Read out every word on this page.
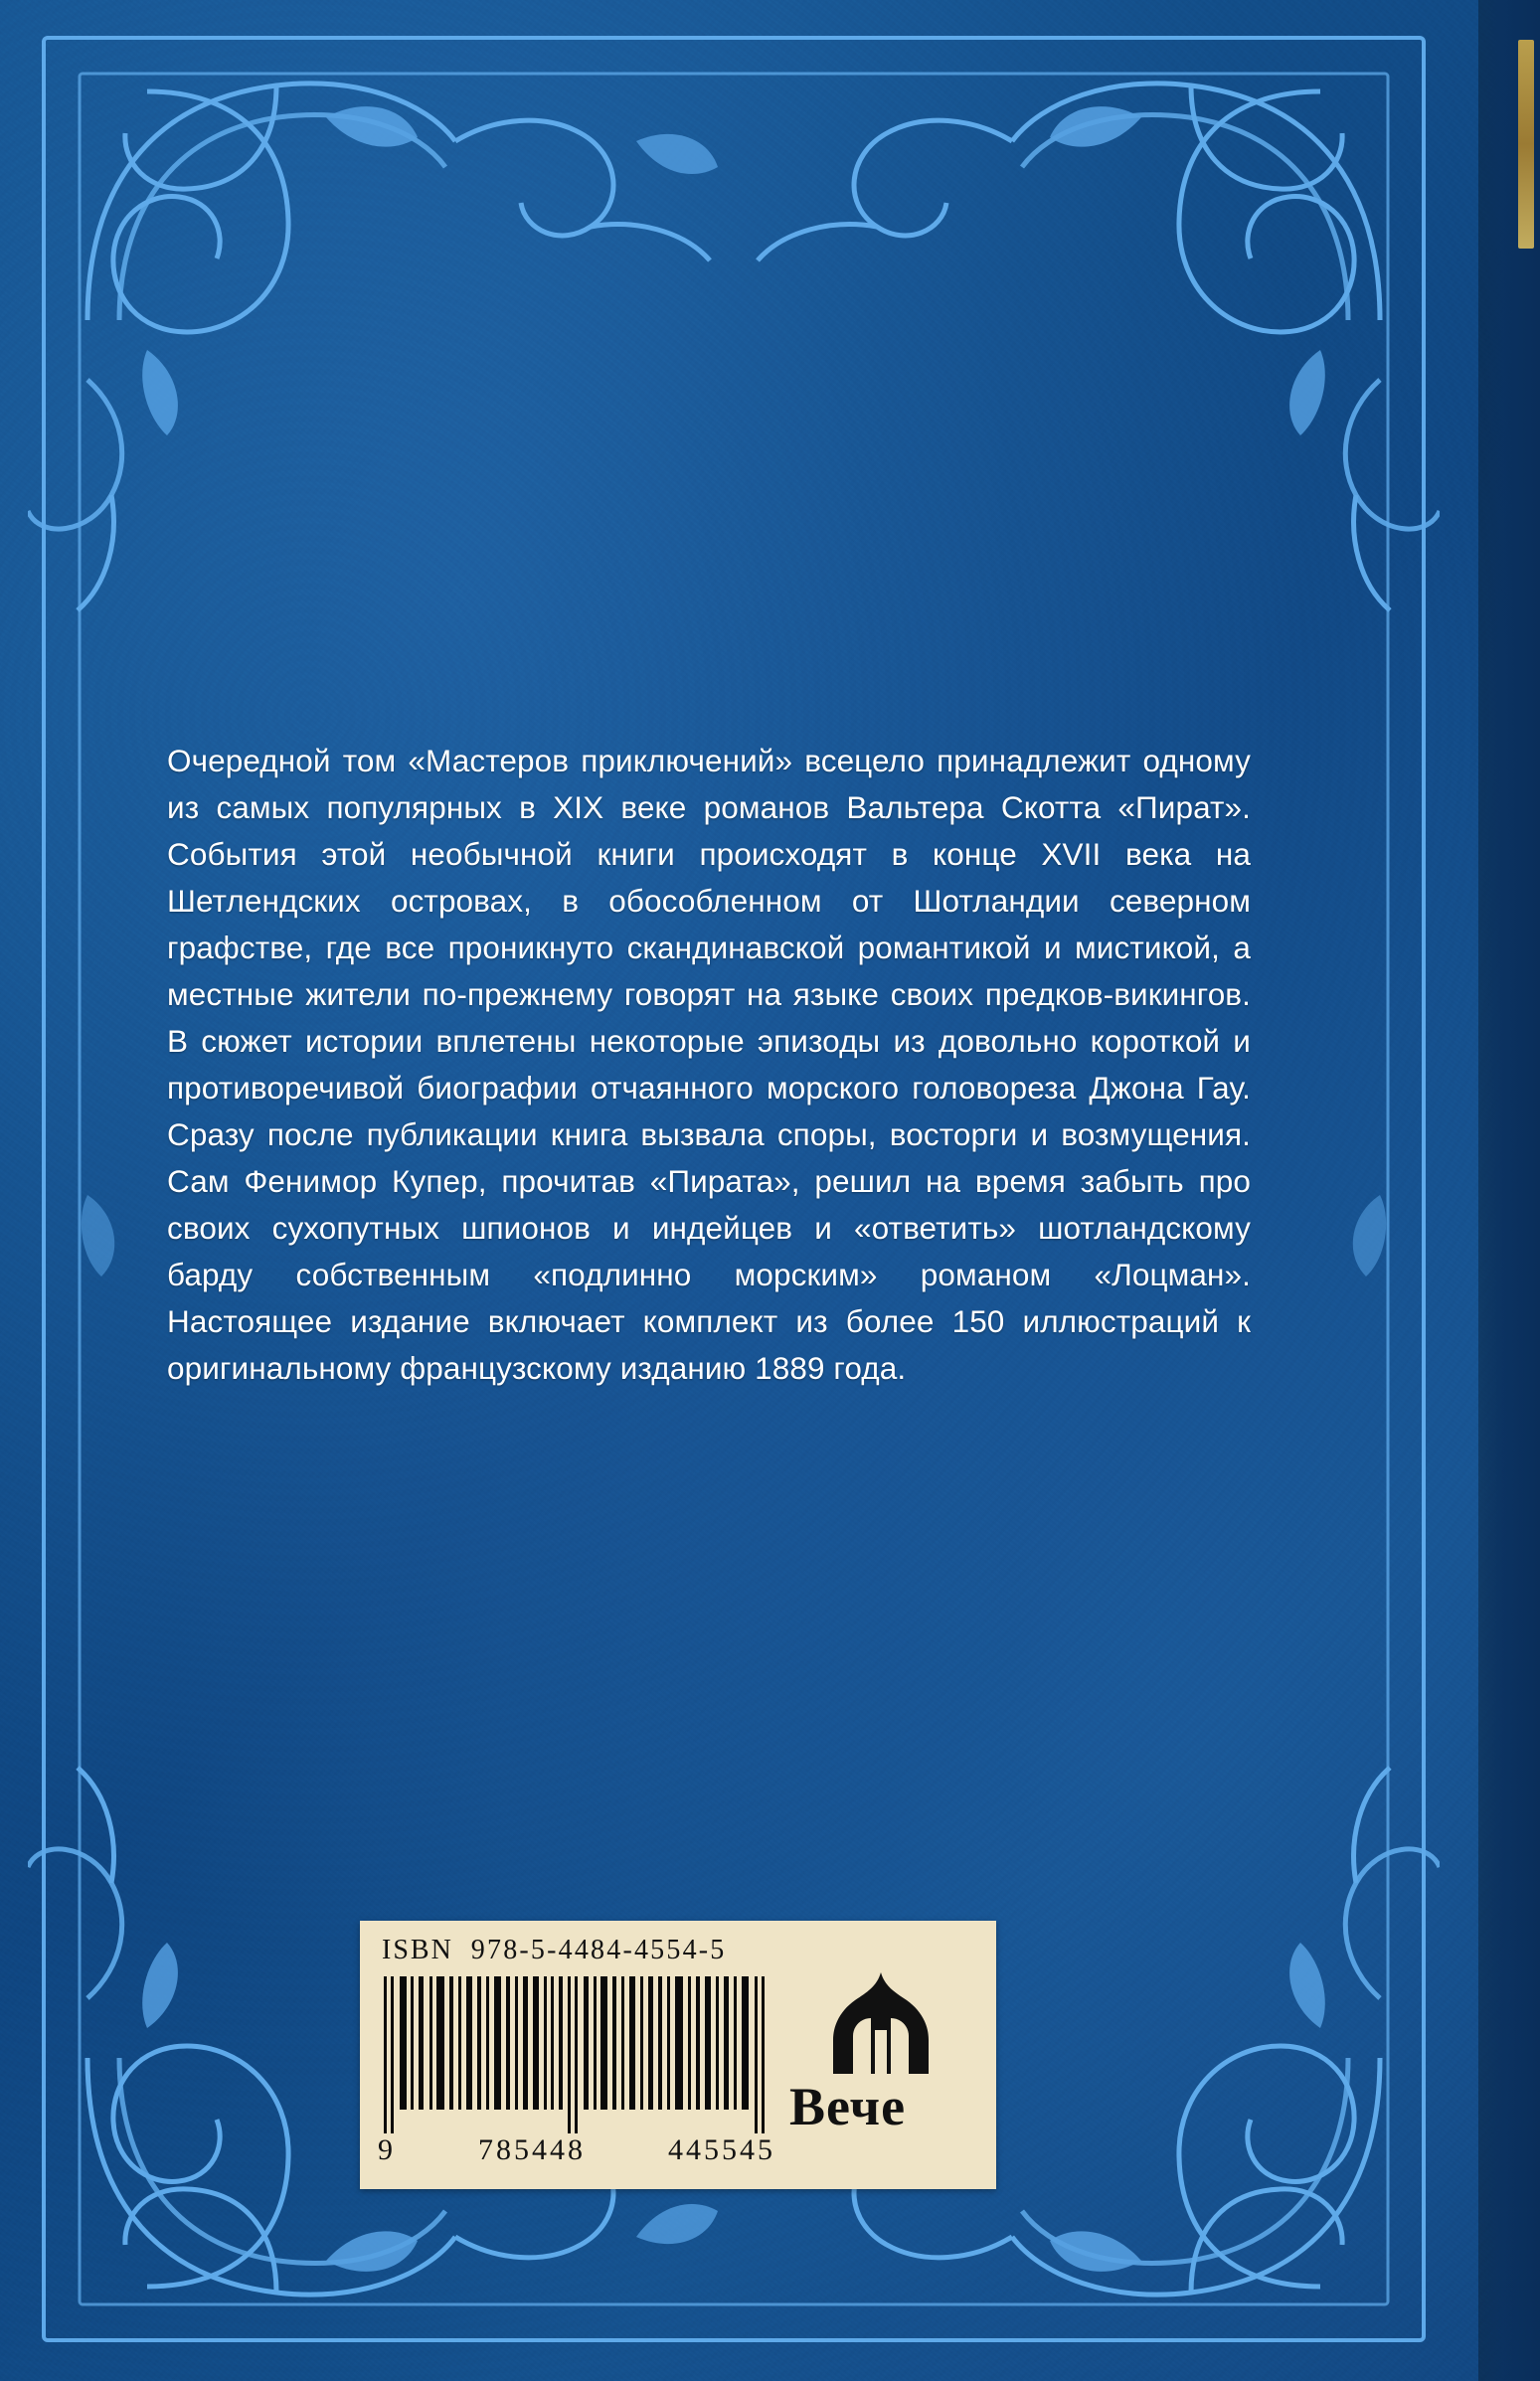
Очередной том «Мастеров приключений» всецело принадлежит одному из самых популярных в XIX веке романов Вальтера Скотта «Пират». События этой необычной книги происходят в конце XVII века на Шетлендских островах, в обособленном от Шотландии северном графстве, где все проникнуто скандинавской романтикой и мистикой, а местные жители по-прежнему говорят на языке своих предков-викингов. В сюжет истории вплетены некоторые эпизоды из довольно короткой и противоречивой биографии отчаянного морского головореза Джона Гау. Сразу после публикации книга вызвала споры, восторги и возмущения. Сам Фенимор Купер, прочитав «Пирата», решил на время забыть про своих сухопутных шпионов и индейцев и «ответить» шотландскому барду собственным «подлинно морским» романом «Лоцман». Настоящее издание включает комплект из более 150 иллюстраций к оригинальному французскому изданию 1889 года.
ISBN 978-5-4484-4554-5
9	785448	445545
Вече
